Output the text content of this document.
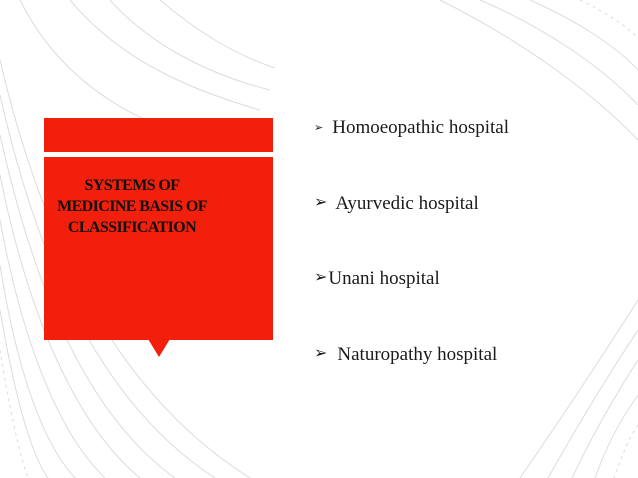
SYSTEMS OF MEDICINE BASIS OF CLASSIFICATION
➢ Homoeopathic hospital
➢ Ayurvedic hospital
➢Unani hospital
➢ Naturopathy hospital
